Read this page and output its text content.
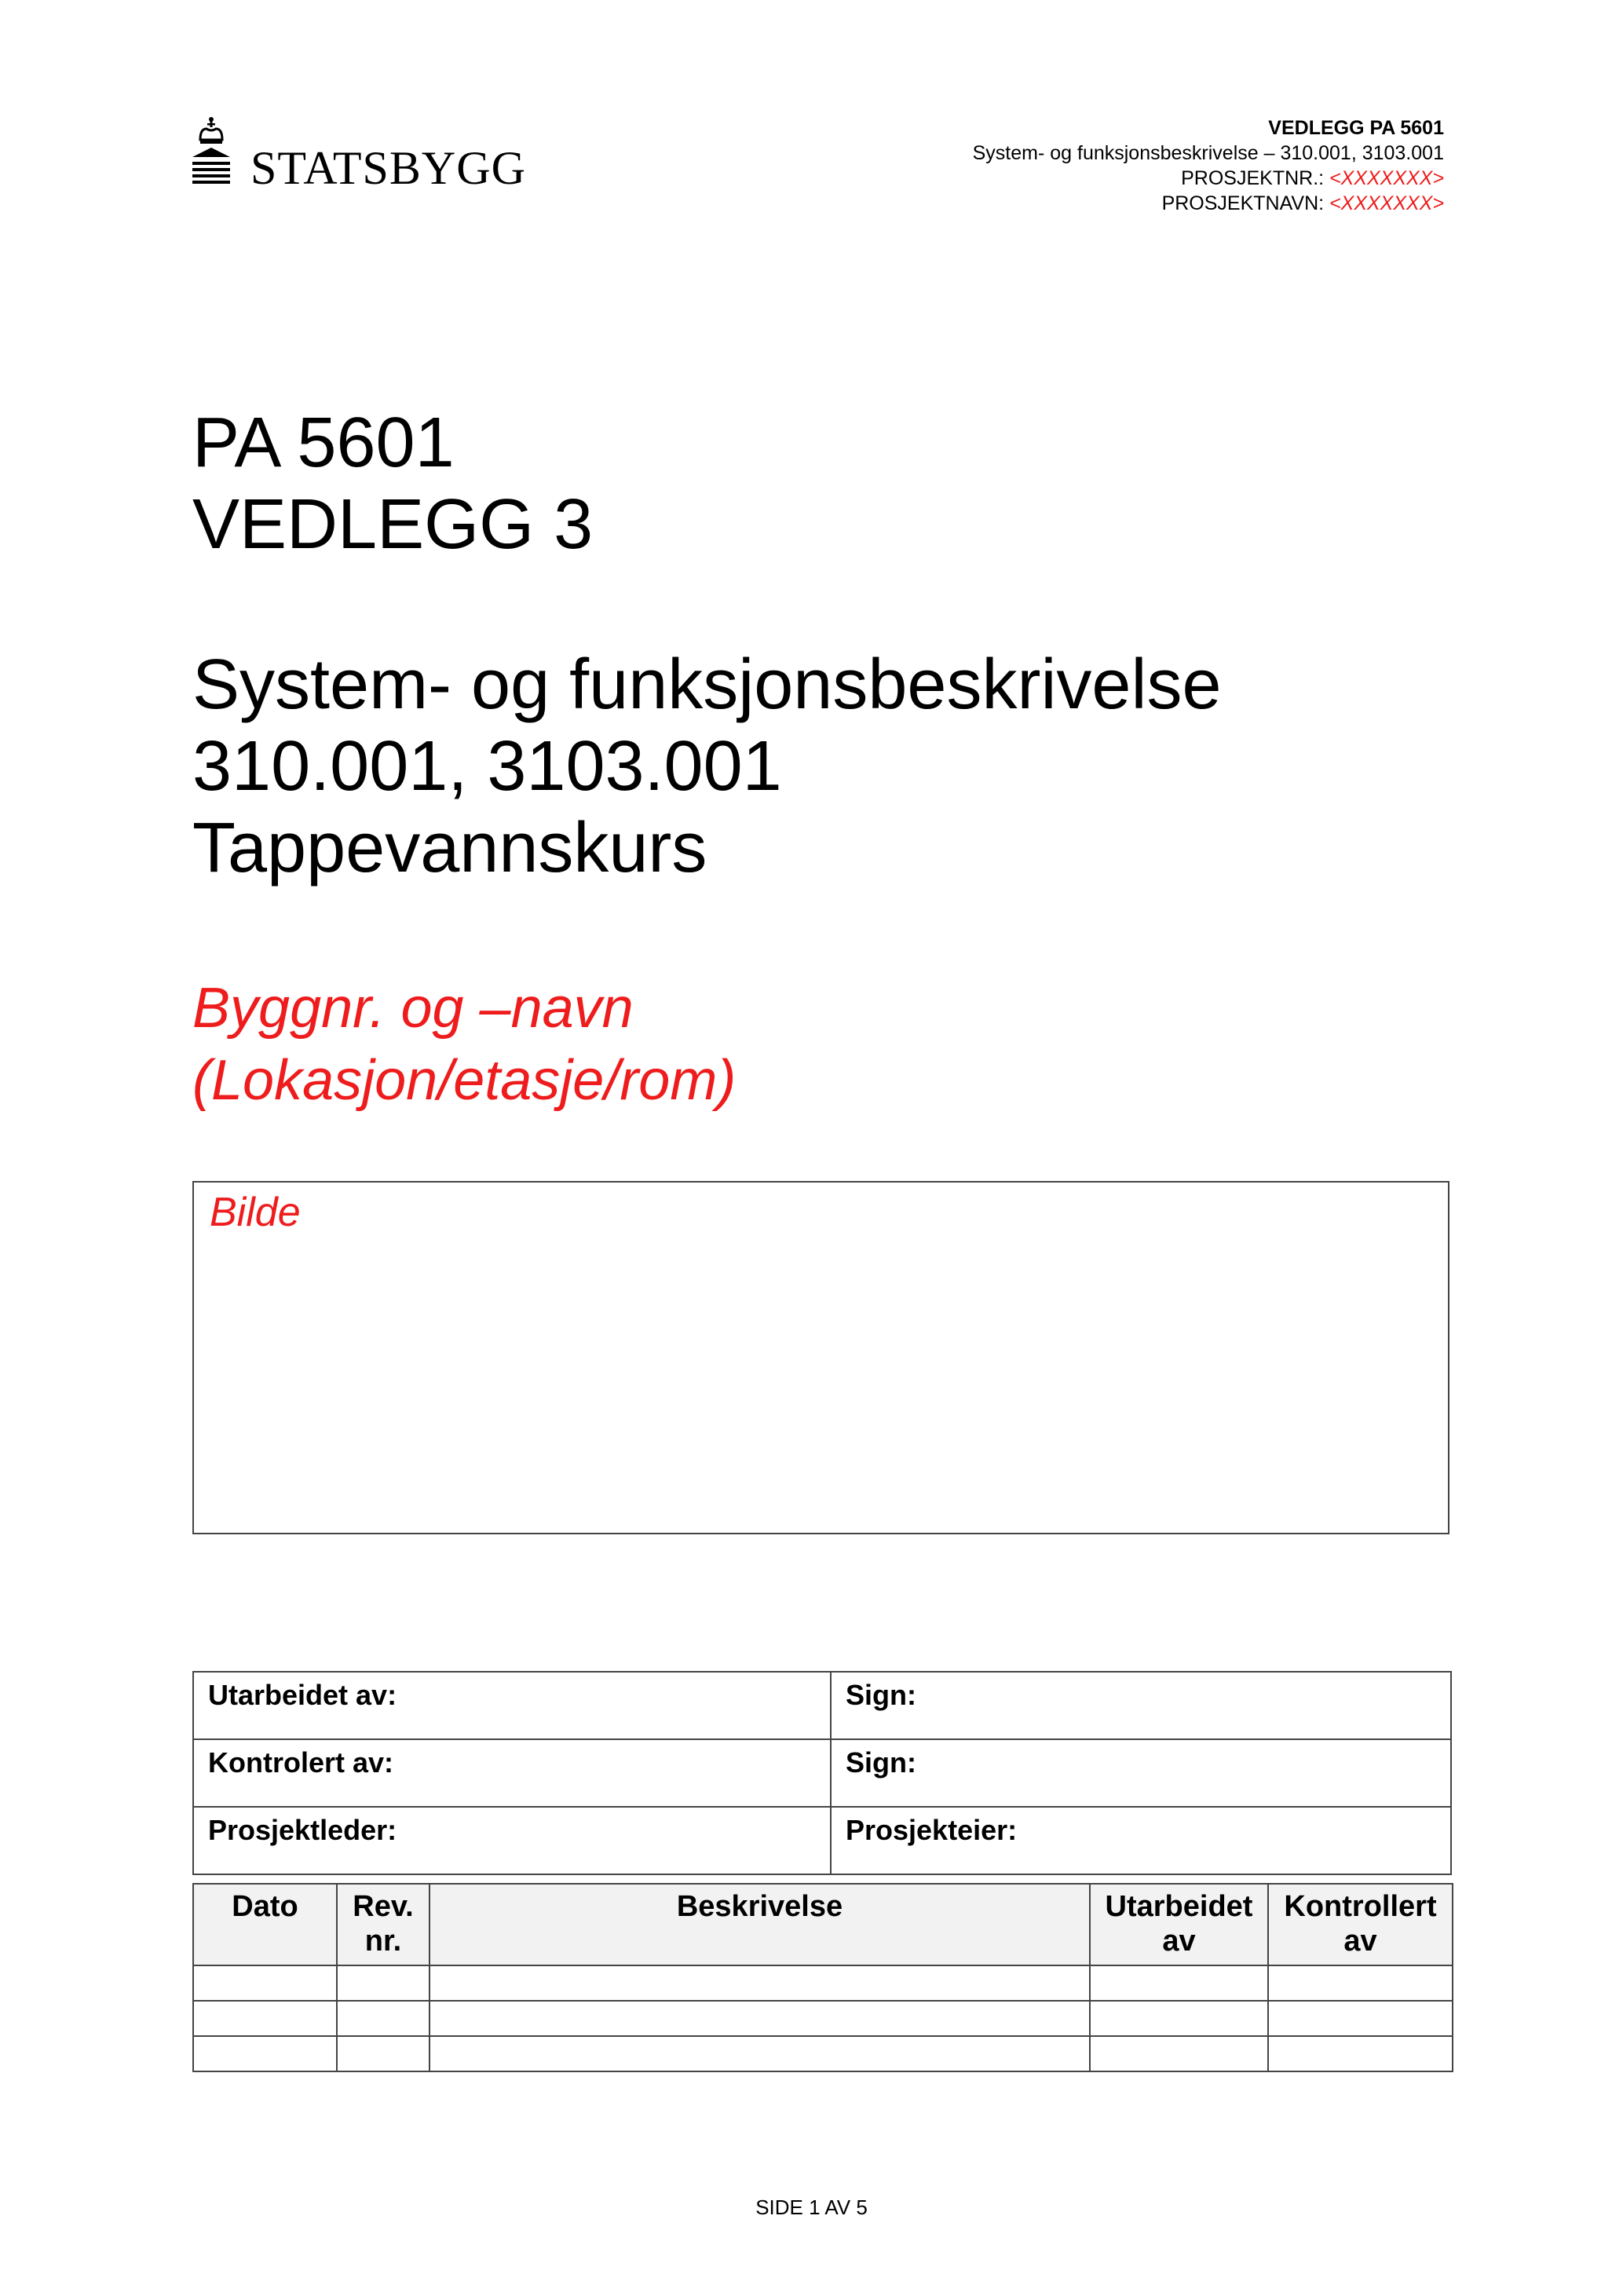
STATSBYGG
VEDLEGG PA 5601
System- og funksjonsbeskrivelse – 310.001, 3103.001
PROSJEKTNR.: <XXXXXXX>
PROSJEKTNAVN: <XXXXXXX>
PA 5601
VEDLEGG 3
System- og funksjonsbeskrivelse
310.001, 3103.001
Tappevannskurs
Byggnr. og –navn
(Lokasjon/etasje/rom)
Bilde
Utarbeidet av:	Sign:
Kontrolert av:	Sign:
Prosjektleder:	Prosjekteier:
Dato	Rev. nr.	Beskrivelse	Utarbeidet av	Kontrollert av

SIDE 1 AV 5
